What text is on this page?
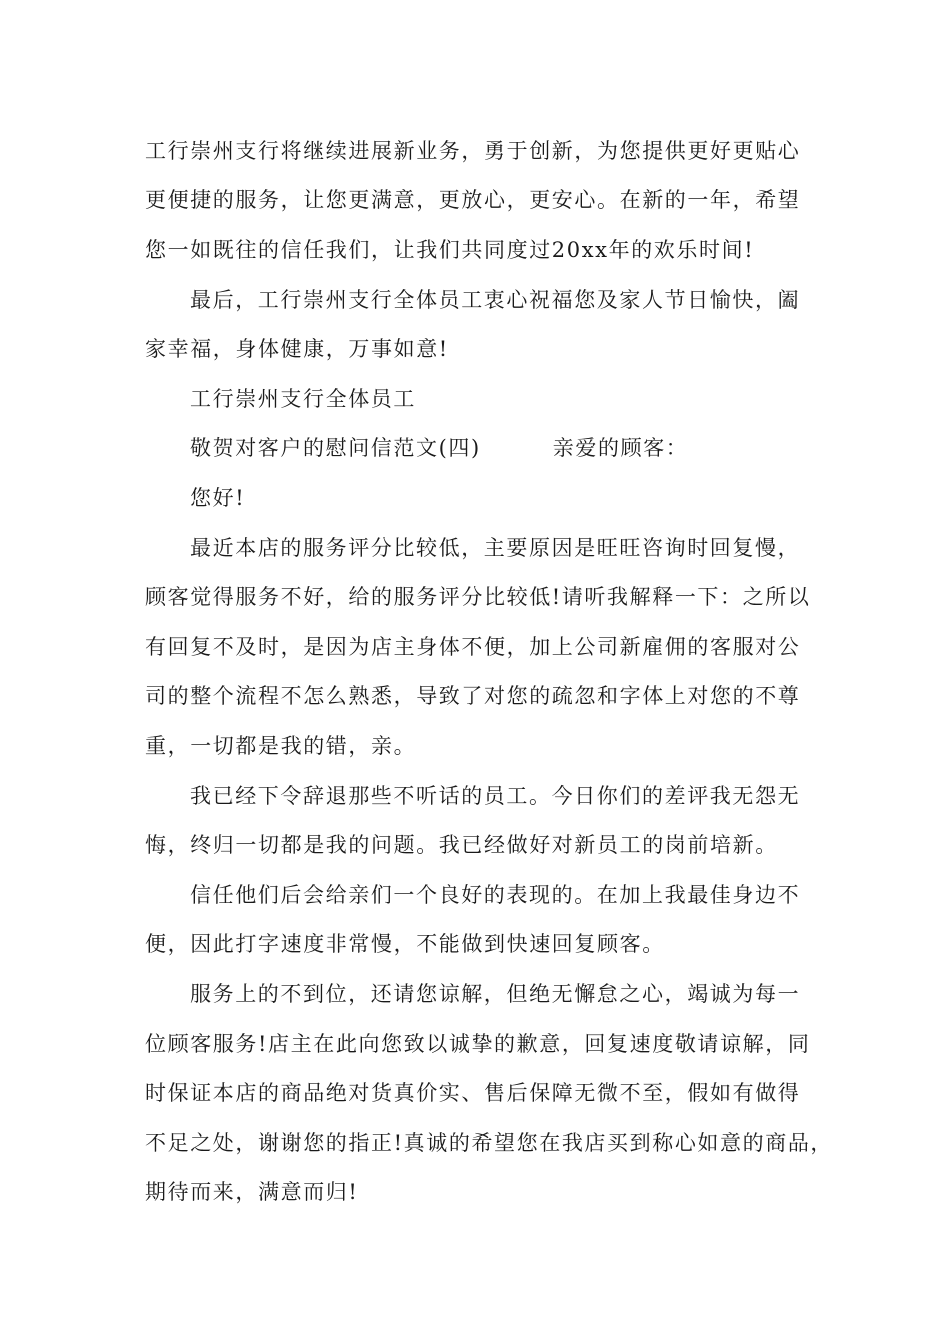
工行崇州支行将继续进展新业务，勇于创新，为您提供更好更贴心
更便捷的服务，让您更满意，更放心，更安心。在新的一年，希望
您一如既往的信任我们，让我们共同度过20xx年的欢乐时间!
最后，工行崇州支行全体员工衷心祝福您及家人节日愉快，阖
家幸福，身体健康，万事如意!
工行崇州支行全体员工
敬贺对客户的慰问信范文(四)	亲爱的顾客：
您好!
最近本店的服务评分比较低，主要原因是旺旺咨询时回复慢，
顾客觉得服务不好，给的服务评分比较低!请听我解释一下：之所以
有回复不及时，是因为店主身体不便，加上公司新雇佣的客服对公
司的整个流程不怎么熟悉，导致了对您的疏忽和字体上对您的不尊
重，一切都是我的错，亲。
我已经下令辞退那些不听话的员工。今日你们的差评我无怨无
悔，终归一切都是我的问题。我已经做好对新员工的岗前培新。
信任他们后会给亲们一个良好的表现的。在加上我最佳身边不
便，因此打字速度非常慢，不能做到快速回复顾客。
服务上的不到位，还请您谅解，但绝无懈怠之心，竭诚为每一
位顾客服务!店主在此向您致以诚挚的歉意，回复速度敬请谅解，同
时保证本店的商品绝对货真价实、售后保障无微不至，假如有做得
不足之处，谢谢您的指正!真诚的希望您在我店买到称心如意的商品，
期待而来，满意而归!
